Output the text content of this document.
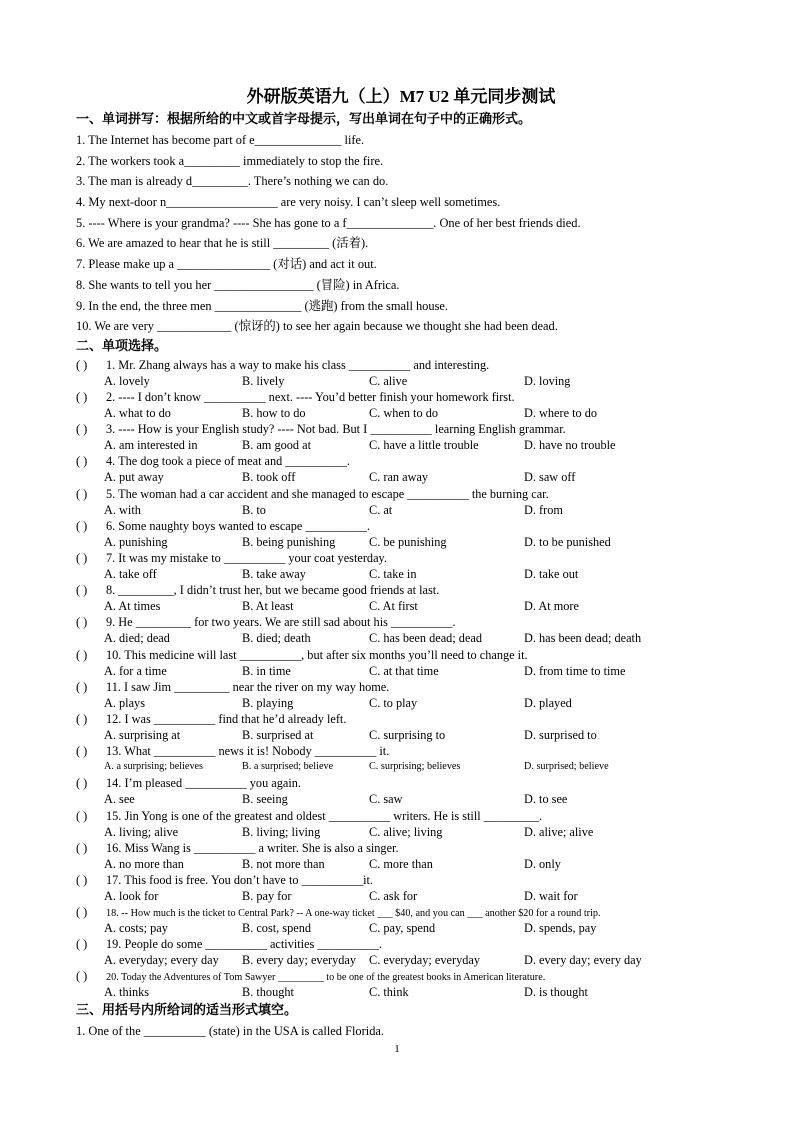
外研版英语九（上）M7 U2 单元同步测试
一、单词拼写：根据所给的中文或首字母提示，写出单词在句子中的正确形式。
1. The Internet has become part of e______________ life.
2. The workers took a_________ immediately to stop the fire.
3. The man is already d_________. There’s nothing we can do.
4. My next-door n__________________ are very noisy. I can’t sleep well sometimes.
5. ---- Where is your grandma? ---- She has gone to a f______________. One of her best friends died.
6. We are amazed to hear that he is still _________ (活着).
7. Please make up a _______________ (对话) and act it out.
8. She wants to tell you her ________________ (冒险) in Africa.
9. In the end, the three men ______________ (逃跑) from the small house.
10. We are very ____________ (惊讶的) to see her again because we thought she had been dead.
二、单项选择。
( ) 1. Mr. Zhang always has a way to make his class __________ and interesting.
A. lovely	B. lively	C. alive	D. loving
( ) 2. ---- I don’t know __________ next. ---- You’d better finish your homework first.
A. what to do	B. how to do	C. when to do	D. where to do
( ) 3. ---- How is your English study? ---- Not bad. But I __________ learning English grammar.
A. am interested in	B. am good at	C. have a little trouble	D. have no trouble
( ) 4. The dog took a piece of meat and __________.
A. put away	B. took off	C. ran away	D. saw off
( ) 5. The woman had a car accident and she managed to escape __________ the burning car.
A. with	B. to	C. at	D. from
( ) 6. Some naughty boys wanted to escape __________.
A. punishing	B. being punishing	C. be punishing	D. to be punished
( ) 7. It was my mistake to __________ your coat yesterday.
A. take off	B. take away	C. take in	D. take out
( ) 8. _________, I didn’t trust her, but we became good friends at last.
A. At times	B. At least	C. At first	D. At more
( ) 9. He _________ for two years. We are still sad about his __________.
A. died; dead	B. died; death	C. has been dead; dead	D. has been dead; death
( ) 10. This medicine will last __________, but after six months you’ll need to change it.
A. for a time	B. in time	C. at that time	D. from time to time
( ) 11. I saw Jim _________ near the river on my way home.
A. plays	B. playing	C. to play	D. played
( ) 12. I was __________ find that he’d already left.
A. surprising at	B. surprised at	C. surprising to	D. surprised to
( ) 13. What __________ news it is! Nobody __________ it.
A. a surprising; believes	B. a surprised; believe	C. surprising; believes	D. surprised; believe
( ) 14. I’m pleased __________ you again.
A. see	B. seeing	C. saw	D. to see
( ) 15. Jin Yong is one of the greatest and oldest __________ writers. He is still _________.
A. living; alive	B. living; living	C. alive; living	D. alive; alive
( ) 16. Miss Wang is __________ a writer. She is also a singer.
A. no more than	B. not more than	C. more than	D. only
( ) 17. This food is free. You don’t have to __________it.
A. look for	B. pay for	C. ask for	D. wait for
( ) 18. -- How much is the ticket to Central Park? -- A one-way ticket ___ $40, and you can ___ another $20 for a round trip.
A. costs; pay	B. cost, spend	C. pay, spend	D. spends, pay
( ) 19. People do some __________ activities __________.
A. everyday; every day B. every day; everyday C. everyday; everyday	D. every day; every day
( ) 20. Today the Adventures of Tom Sawyer _________ to be one of the greatest books in American literature.
A. thinks	B. thought	C. think	D. is thought
三、用括号内所给词的适当形式填空。
1. One of the __________ (state) in the USA is called Florida.
1
